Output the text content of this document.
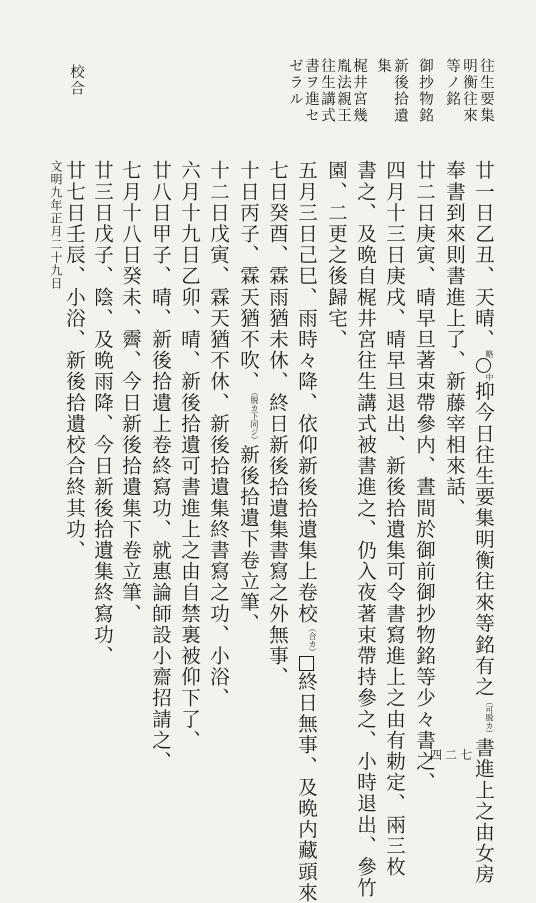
校合	往生要集
明衡往來
等ノ銘
御抄物銘
新後拾遺
集
梶井宮幾
胤法親王
往生講式
書ヲ進セ
ゼラル
廿一日乙丑、天晴、$^{略中}$抑今日往生要集明衡往來等銘有之$^{(可脱カ)}$書進上之由女房
奉書到來則書進上了、新藤宰相來話、
廿二日庚寅、晴早旦著束帶參内、晝間於御前御抄物銘等少々書之、
四月十三日庚戌、晴早旦退出、新後拾遺集可令書寫進上之由有勅定、兩三枚
書之、及晩自梶井宮往生講式被書進之、仍入夜著束帶持參之、小時退出、參竹
園、二更之後歸宅、
五月三日己巳、雨時々降、依仰新後拾遺集上卷校$^{(合カ)}$終日無事、及晩内藏頭來
七日癸酉、霖雨猶未休、終日新後拾遺集書寫之外無事、
十日丙子、霖天猶不吹、$^{(脱カ下同ジ)}$新後拾遺下卷立筆、
十二日戊寅、霖天猶不休、新後拾遺集終書寫之功、小浴、
六月十九日乙卯、晴、新後拾遺可書進上之由自禁裏被仰下了、
廿八日甲子、晴、新後拾遺上卷終寫功、就惠論師設小齋招請之、
七月十八日癸未、霽、今日新後拾遺集下卷立筆、
廿三日戊子、陰、及晩雨降、今日新後拾遺集終寫功、
廿七日壬辰、小浴、新後拾遺校合終其功、
文明九年正月二十九日
四二七
